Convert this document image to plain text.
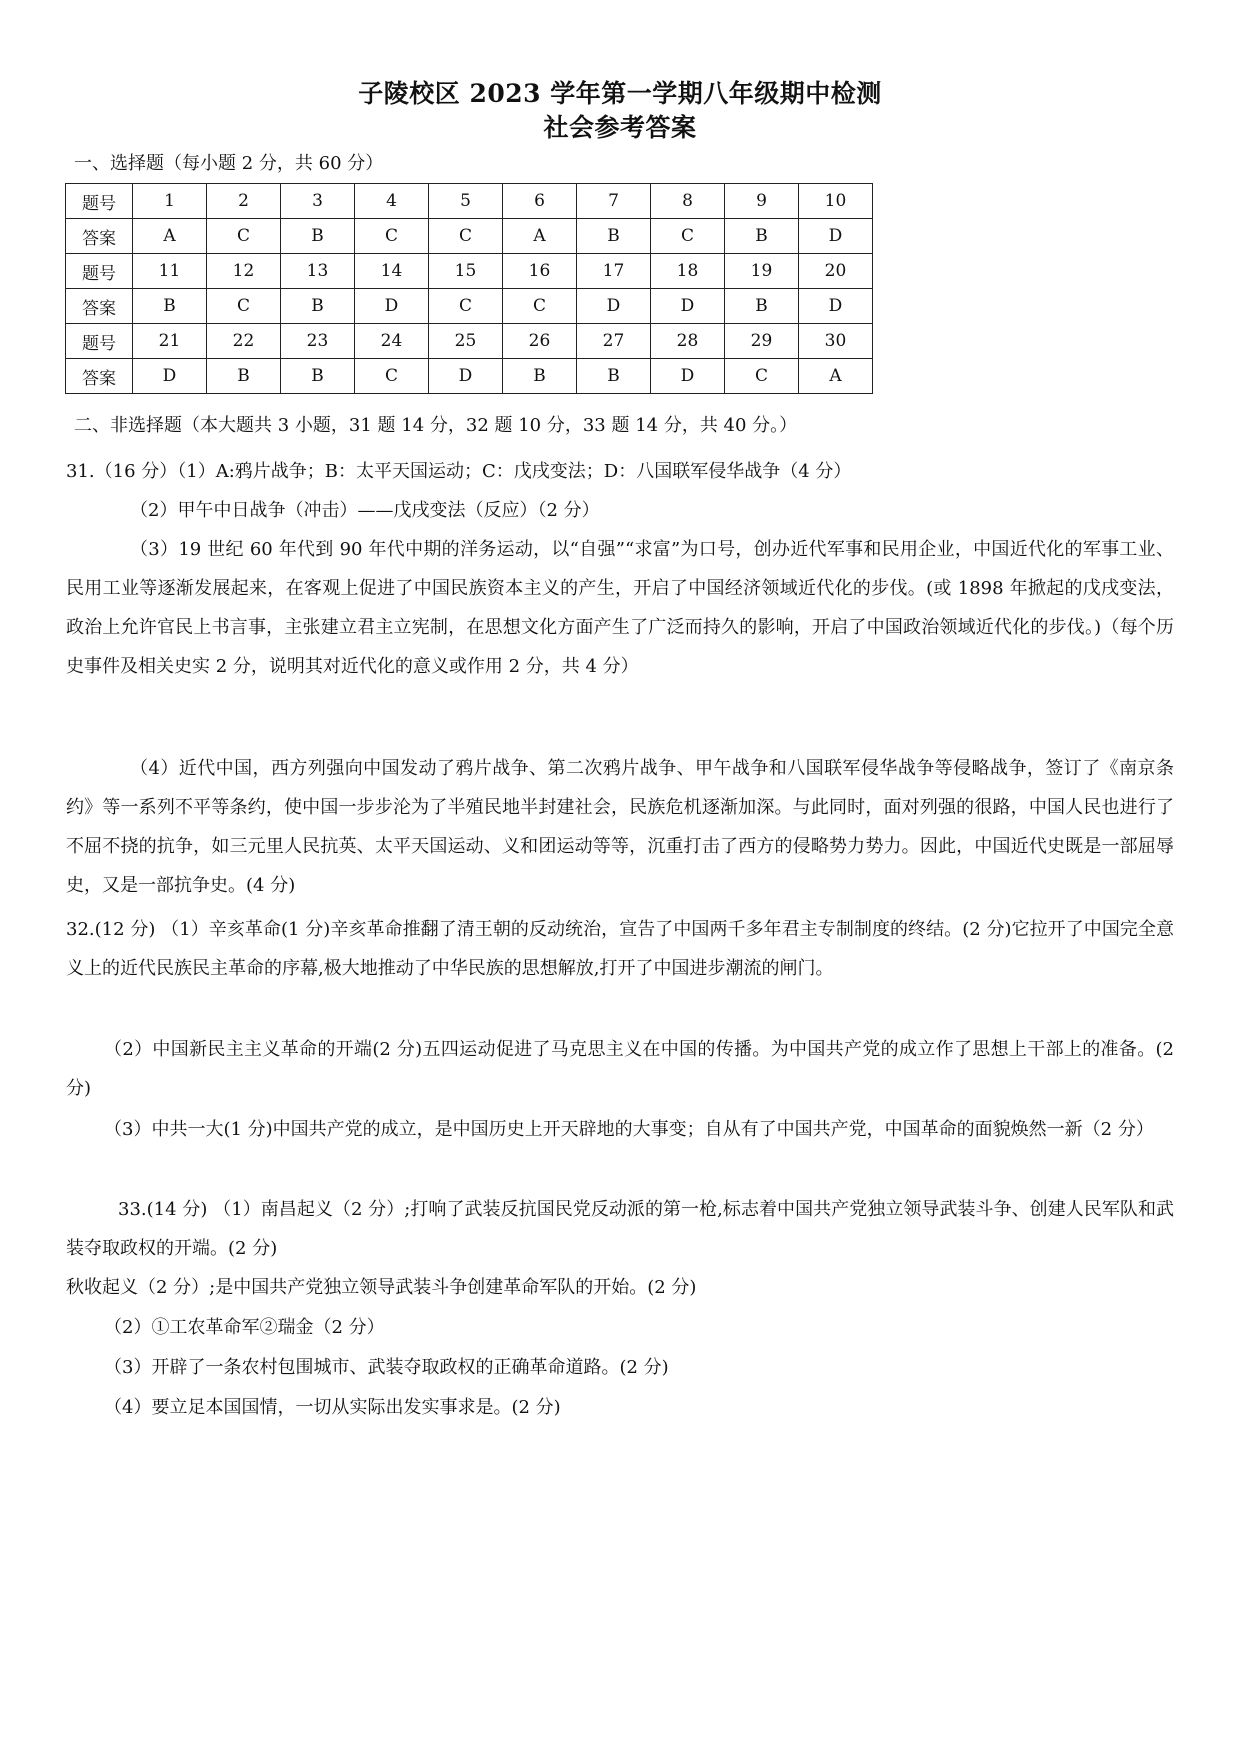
子陵校区 2023 学年第一学期八年级期中检测
社会参考答案
一、选择题（每小题 2 分，共 60 分）
题号	1	2	3	4	5	6	7	8	9	10
答案	A	C	B	C	C	A	B	C	B	D
题号	11	12	13	14	15	16	17	18	19	20
答案	B	C	B	D	C	C	D	D	B	D
题号	21	22	23	24	25	26	27	28	29	30
答案	D	B	B	C	D	B	B	D	C	A
二、非选择题（本大题共 3 小题，31 题 14 分，32 题 10 分，33 题 14 分，共 40 分。）
31.（16 分）（1）A:鸦片战争；B：太平天国运动；C：戊戌变法；D：八国联军侵华战争（4 分）
（2）甲午中日战争（冲击）——戊戌变法（反应）（2 分）
（3）19 世纪 60 年代到 90 年代中期的洋务运动，以“自强”“求富”为口号，创办近代军事和民用企业，中国近代化的军事工业、民用工业等逐渐发展起来，在客观上促进了中国民族资本主义的产生，开启了中国经济领域近代化的步伐。(或 1898 年掀起的戊戌变法，政治上允许官民上书言事，主张建立君主立宪制，在思想文化方面产生了广泛而持久的影响，开启了中国政治领域近代化的步伐。)（每个历史事件及相关史实 2 分，说明其对近代化的意义或作用 2 分，共 4 分）
（4）近代中国，西方列强向中国发动了鸦片战争、第二次鸦片战争、甲午战争和八国联军侵华战争等侵略战争，签订了《南京条约》等一系列不平等条约，使中国一步步沦为了半殖民地半封建社会，民族危机逐渐加深。与此同时，面对列强的很路，中国人民也进行了不屈不挠的抗争，如三元里人民抗英、太平天国运动、义和团运动等等，沉重打击了西方的侵略势力势力。因此，中国近代史既是一部屈辱史，又是一部抗争史。(4 分)
32.(12 分) （1）辛亥革命(1 分)辛亥革命推翻了清王朝的反动统治，宣告了中国两千多年君主专制制度的终结。(2 分)它拉开了中国完全意义上的近代民族民主革命的序幕,极大地推动了中华民族的思想解放,打开了中国进步潮流的闸门。
（2）中国新民主主义革命的开端(2 分)五四运动促进了马克思主义在中国的传播。为中国共产党的成立作了思想上干部上的准备。(2 分)
（3）中共一大(1 分)中国共产党的成立，是中国历史上开天辟地的大事变；自从有了中国共产党，中国革命的面貌焕然一新（2 分）
33.(14 分) （1）南昌起义（2 分）;打响了武装反抗国民党反动派的第一枪,标志着中国共产党独立领导武装斗争、创建人民军队和武装夺取政权的开端。(2 分)
秋收起义（2 分）;是中国共产党独立领导武装斗争创建革命军队的开始。(2 分)
（2）①工农革命军②瑞金（2 分）
（3）开辟了一条农村包围城市、武装夺取政权的正确革命道路。(2 分)
（4）要立足本国国情，一切从实际出发实事求是。(2 分)
